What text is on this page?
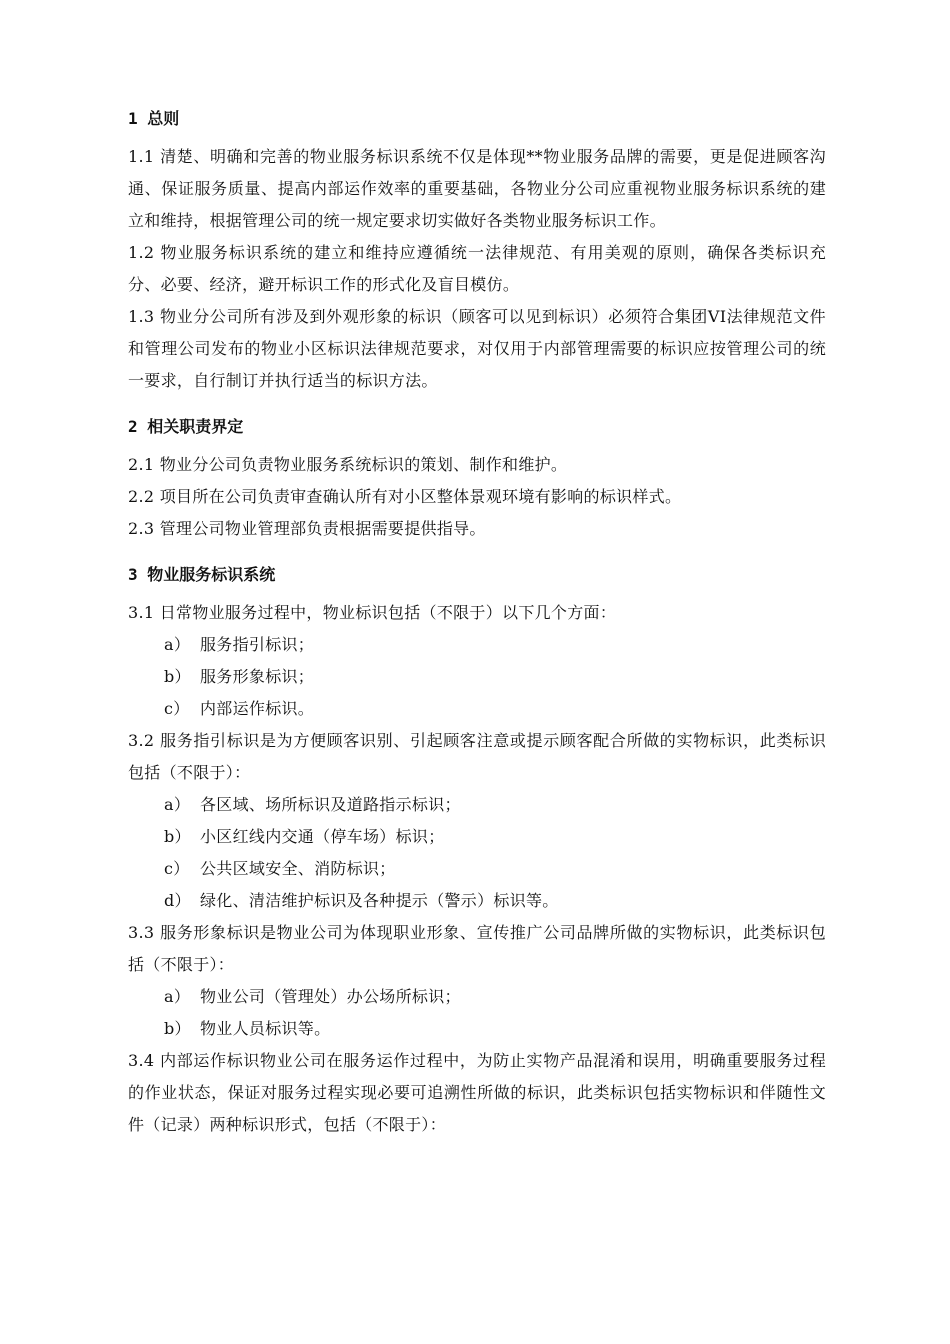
1 总则

1.1 清楚、明确和完善的物业服务标识系统不仅是体现**物业服务品牌的需要，更是促进顾客沟通、保证服务质量、提高内部运作效率的重要基础，各物业分公司应重视物业服务标识系统的建立和维持，根据管理公司的统一规定要求切实做好各类物业服务标识工作。

1.2 物业服务标识系统的建立和维持应遵循统一法律规范、有用美观的原则，确保各类标识充分、必要、经济，避开标识工作的形式化及盲目模仿。

1.3 物业分公司所有涉及到外观形象的标识（顾客可以见到标识）必须符合集团VI法律规范文件和管理公司发布的物业小区标识法律规范要求，对仅用于内部管理需要的标识应按管理公司的统一要求，自行制订并执行适当的标识方法。

2 相关职责界定

2.1 物业分公司负责物业服务系统标识的策划、制作和维护。

2.2 项目所在公司负责审查确认所有对小区整体景观环境有影响的标识样式。

2.3 管理公司物业管理部负责根据需要提供指导。

3 物业服务标识系统

3.1 日常物业服务过程中，物业标识包括（不限于）以下几个方面：

a） 服务指引标识；
b） 服务形象标识；
c） 内部运作标识。

3.2 服务指引标识是为方便顾客识别、引起顾客注意或提示顾客配合所做的实物标识，此类标识包括（不限于）：

a） 各区域、场所标识及道路指示标识；
b） 小区红线内交通（停车场）标识；
c） 公共区域安全、消防标识；
d） 绿化、清洁维护标识及各种提示（警示）标识等。

3.3 服务形象标识是物业公司为体现职业形象、宣传推广公司品牌所做的实物标识，此类标识包括（不限于）：

a） 物业公司（管理处）办公场所标识；
b） 物业人员标识等。

3.4 内部运作标识物业公司在服务运作过程中，为防止实物产品混淆和误用，明确重要服务过程的作业状态，保证对服务过程实现必要可追溯性所做的标识，此类标识包括实物标识和伴随性文件（记录）两种标识形式，包括（不限于）：
